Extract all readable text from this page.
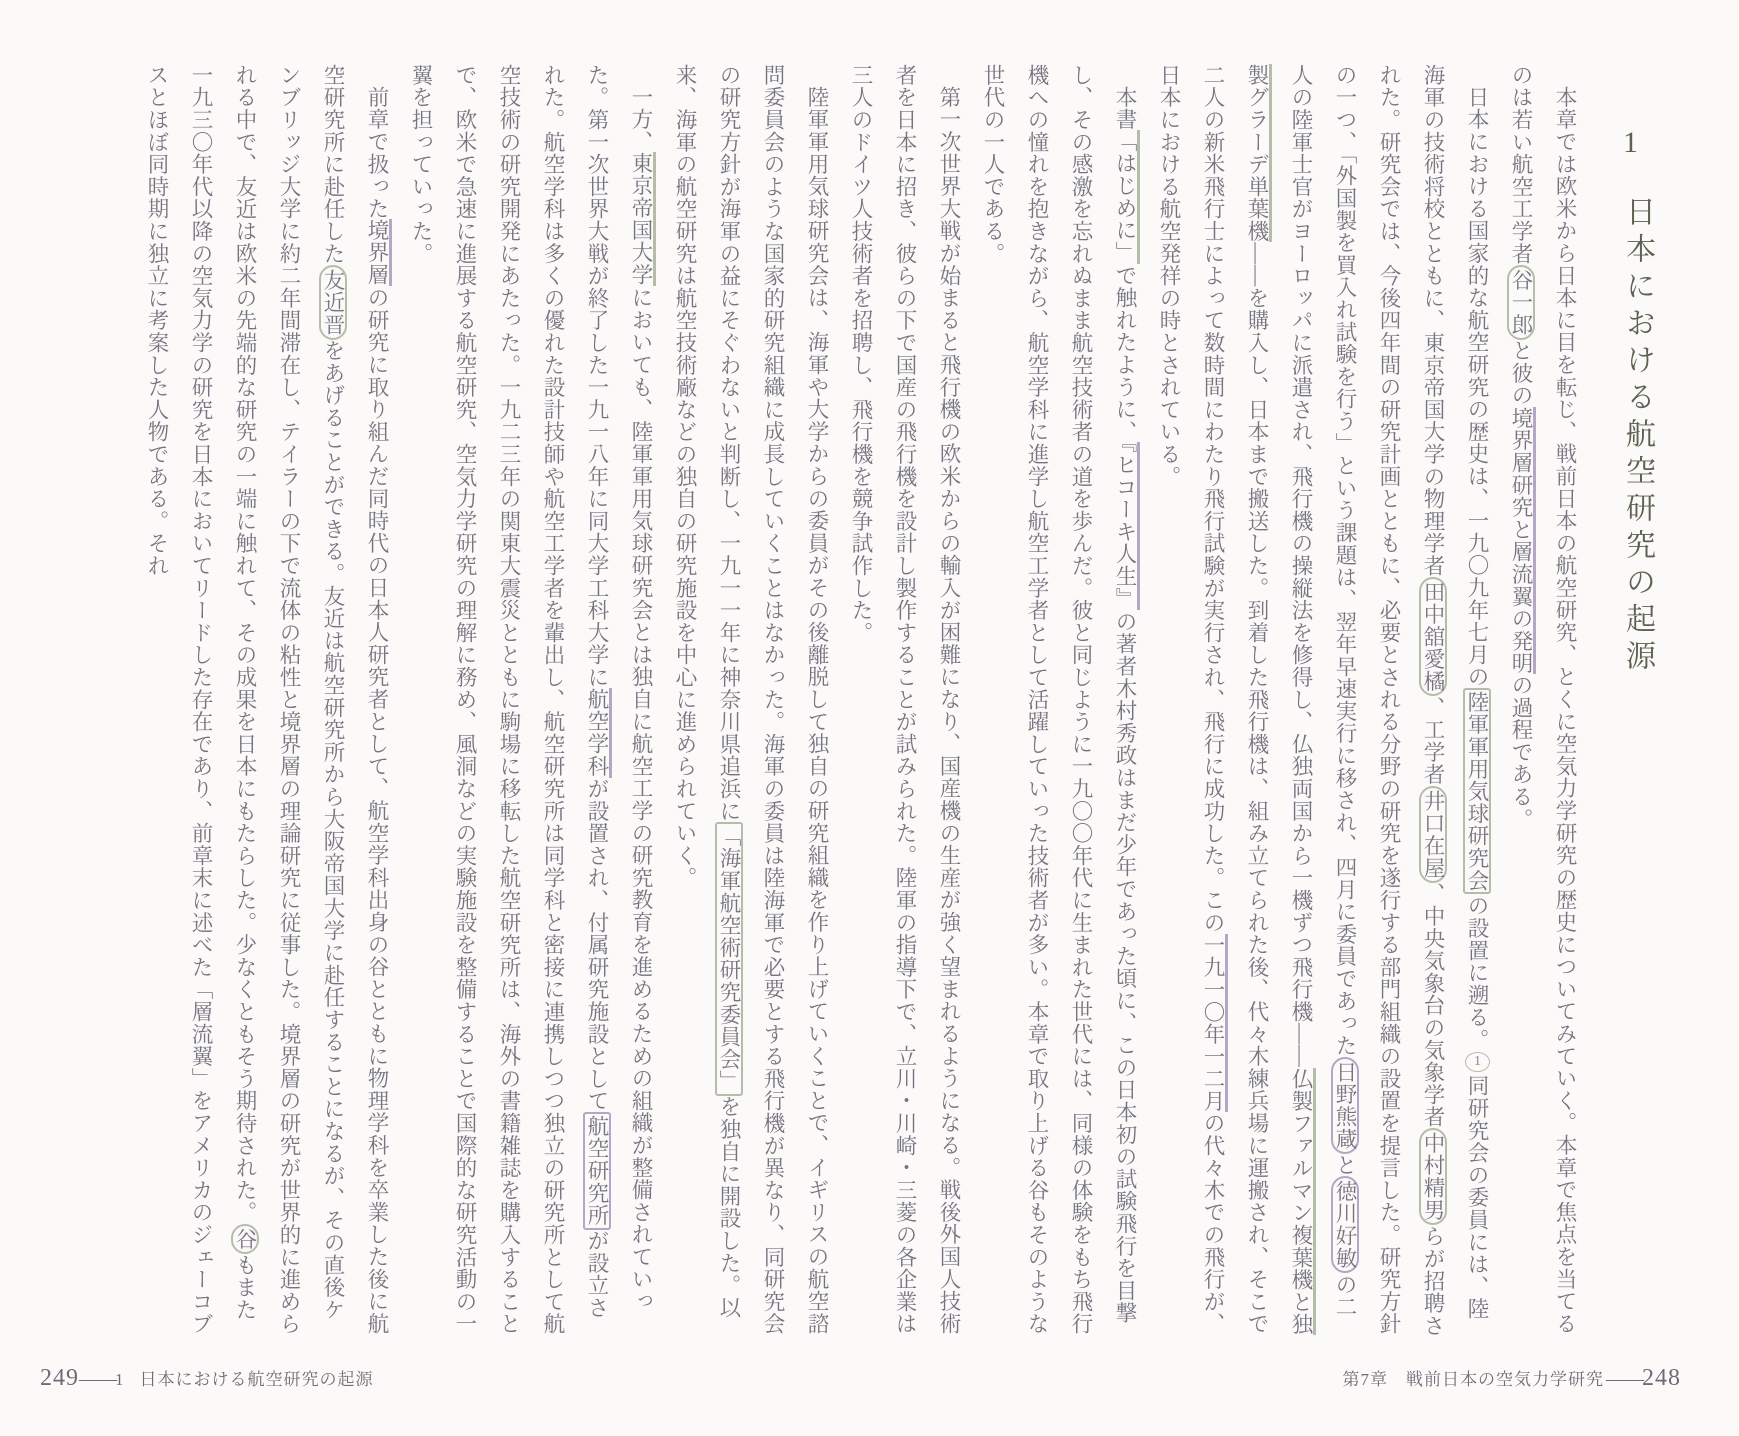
1
日本における航空研究の起源

本章では欧米から日本に目を転じ、戦前日本の航空研究、とくに空気力学研究の歴史についてみていく。本章で焦点を当てるのは若い航空工学者谷一郎と彼の境界層研究と層流翼の発明の過程である。

日本における国家的な航空研究の歴史は、一九〇九年七月の陸軍軍用気球研究会の設置に遡る。1同研究会の委員には、陸海軍の技術将校とともに、東京帝国大学の物理学者田中舘愛橘、工学者井口在屋、中央気象台の気象学者中村精男らが招聘された。研究会では、今後四年間の研究計画とともに、必要とされる分野の研究を遂行する部門組織の設置を提言した。研究方針の一つ、「外国製を買入れ試験を行う」という課題は、翌年早速実行に移され、四月に委員であった日野熊蔵と徳川好敏の二人の陸軍士官がヨーロッパに派遣され、飛行機の操縦法を修得し、仏独両国から一機ずつ飛行機——仏製ファルマン複葉機と独製グラーデ単葉機——を購入し、日本まで搬送した。到着した飛行機は、組み立てられた後、代々木練兵場に運搬され、そこで二人の新米飛行士によって数時間にわたり飛行試験が実行され、飛行に成功した。この一九一〇年一二月の代々木での飛行が、日本における航空発祥の時とされている。

本書「はじめに」で触れたように、『ヒコーキ人生』の著者木村秀政はまだ少年であった頃に、この日本初の試験飛行を目撃し、その感激を忘れぬまま航空技術者の道を歩んだ。彼と同じように一九〇〇年代に生まれた世代には、同様の体験をもち飛行機への憧れを抱きながら、航空学科に進学し航空工学者として活躍していった技術者が多い。本章で取り上げる谷もそのような世代の一人である。

第一次世界大戦が始まると飛行機の欧米からの輸入が困難になり、国産機の生産が強く望まれるようになる。戦後外国人技術者を日本に招き、彼らの下で国産の飛行機を設計し製作することが試みられた。陸軍の指導下で、立川・川崎・三菱の各企業は三人のドイツ人技術者を招聘し、飛行機を競争試作した。

陸軍軍用気球研究会は、海軍や大学からの委員がその後離脱して独自の研究組織を作り上げていくことで、イギリスの航空諮問委員会のような国家的研究組織に成長していくことはなかった。海軍の委員は陸海軍で必要とする飛行機が異なり、同研究会の研究方針が海軍の益にそぐわないと判断し、一九一一年に神奈川県追浜に「海軍航空術研究委員会」を独自に開設した。以来、海軍の航空研究は航空技術廠などの独自の研究施設を中心に進められていく。

一方、東京帝国大学においても、陸軍軍用気球研究会とは独自に航空工学の研究教育を進めるための組織が整備されていった。第一次世界大戦が終了した一九一八年に同大学工科大学に航空学科が設置され、付属研究施設として航空研究所が設立された。航空学科は多くの優れた設計技師や航空工学者を輩出し、航空研究所は同学科と密接に連携しつつ独立の研究所として航空技術の研究開発にあたった。一九二三年の関東大震災とともに駒場に移転した航空研究所は、海外の書籍雑誌を購入することで、欧米で急速に進展する航空研究、空気力学研究の理解に務め、風洞などの実験施設を整備することで国際的な研究活動の一翼を担っていった。

前章で扱った境界層の研究に取り組んだ同時代の日本人研究者として、航空学科出身の谷とともに物理学科を卒業した後に航空研究所に赴任した友近晋をあげることができる。友近は航空研究所から大阪帝国大学に赴任することになるが、その直後ケンブリッジ大学に約二年間滞在し、テイラーの下で流体の粘性と境界層の理論研究に従事した。境界層の研究が世界的に進められる中で、友近は欧米の先端的な研究の一端に触れて、その成果を日本にもたらした。少なくともそう期待された。谷もまた一九三〇年代以降の空気力学の研究を日本においてリードした存在であり、前章末に述べた「層流翼」をアメリカのジェーコブスとほぼ同時期に独立に考案した人物である。それ

249——1 日本における航空研究の起源	第7章　戦前日本の空気力学研究 ——248
